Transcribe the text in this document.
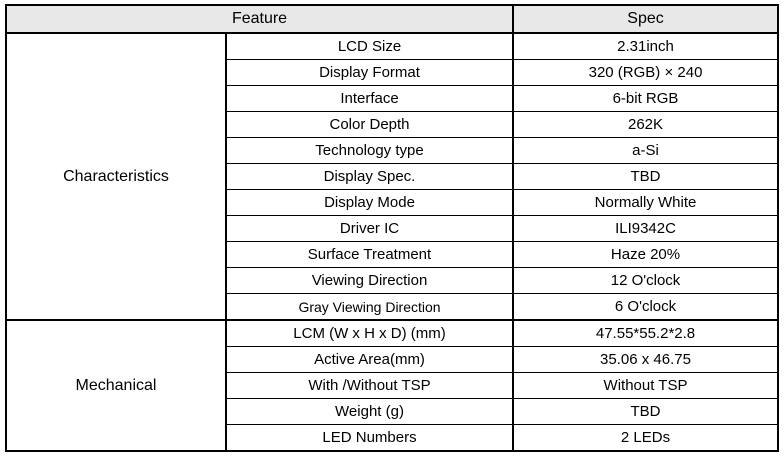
Feature		Spec
Characteristics	LCD Size	2.31inch
	Display Format	320 (RGB) × 240
	Interface	6-bit RGB
	Color Depth	262K
	Technology type	a-Si
	Display Spec.	TBD
	Display Mode	Normally White
	Driver IC	ILI9342C
	Surface Treatment	Haze 20%
	Viewing Direction	12 O'clock
	Gray Viewing Direction	6 O'clock
Mechanical	LCM (W x H x D) (mm)	47.55*55.2*2.8
	Active Area(mm)	35.06 x 46.75
	With /Without TSP	Without TSP
	Weight (g)	TBD
	LED Numbers	2 LEDs
